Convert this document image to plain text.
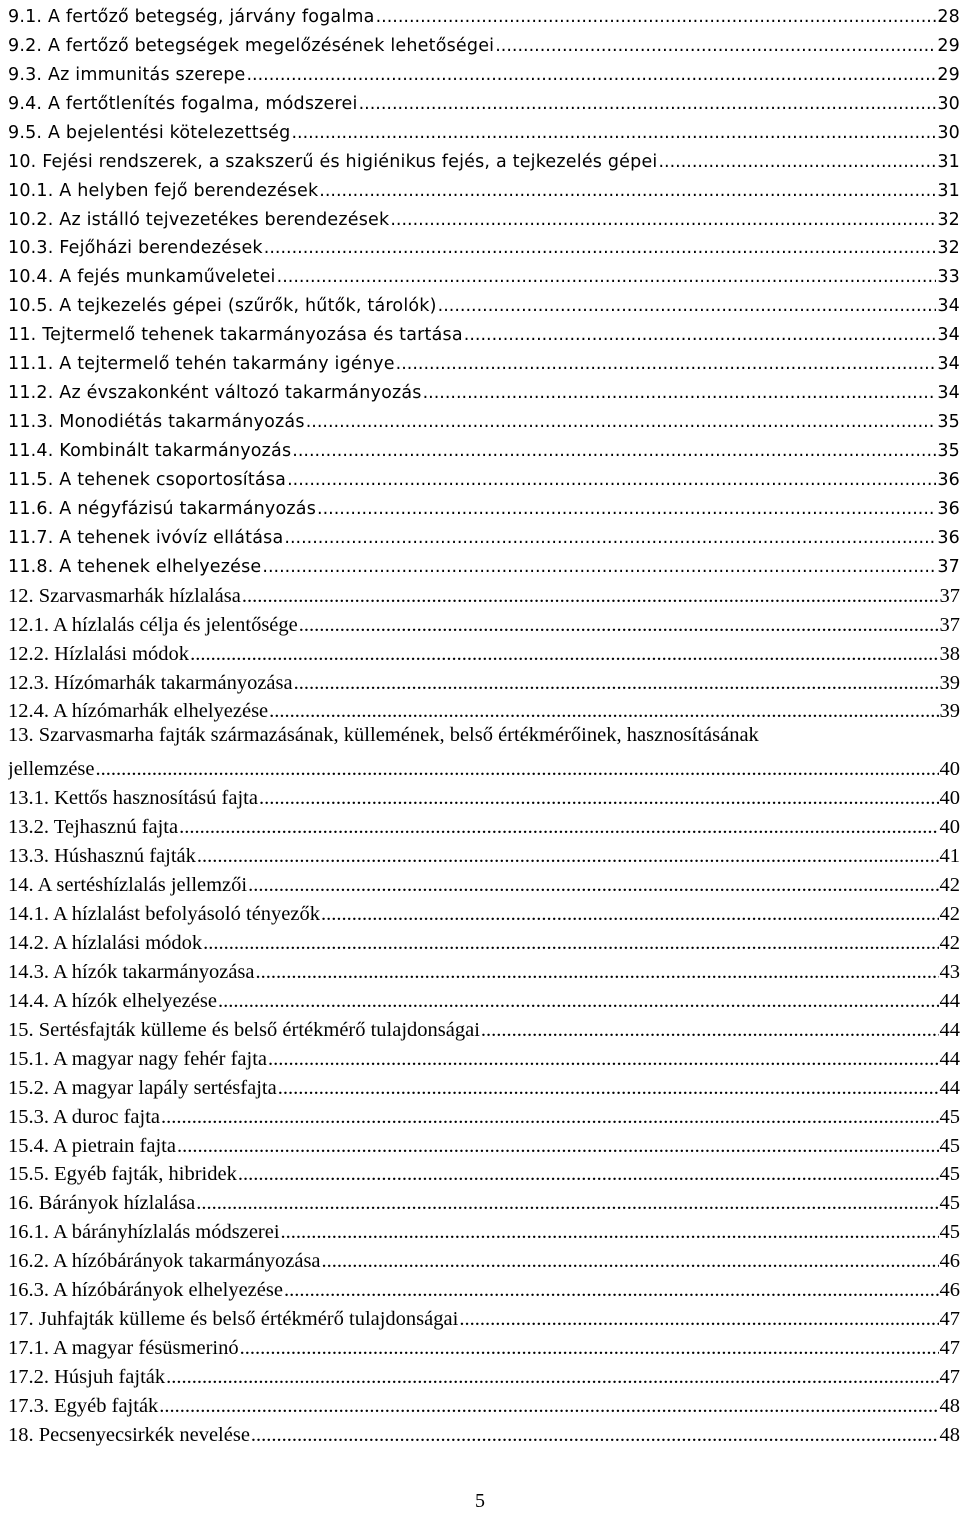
9.1. A fertőző betegség, járvány fogalma .....	28
9.2. A fertőző betegségek megelőzésének lehetőségei .....	29
9.3. Az immunitás szerepe .....	29
9.4. A fertőtlenítés fogalma, módszerei .....	30
9.5. A bejelentési kötelezettség .....	30
10. Fejési rendszerek, a szakszerű és higiénikus fejés, a tejkezelés gépei .....	31
10.1. A helyben fejő berendezések .....	31
10.2. Az istálló tejvezetékes berendezések .....	32
10.3. Fejőházi berendezések .....	32
10.4. A fejés munkaműveletei .....	33
10.5. A tejkezelés gépei (szűrők, hűtők, tárolók) .....	34
11. Tejtermelő tehenek takarmányozása és tartása .....	34
11.1. A tejtermelő tehén takarmány igénye .....	34
11.2. Az évszakonként változó takarmányozás .....	34
11.3. Monodiétás takarmányozás .....	35
11.4. Kombinált takarmányozás .....	35
11.5. A tehenek csoportosítása .....	36
11.6. A négyfázisú takarmányozás .....	36
11.7. A tehenek ivóvíz ellátása .....	36
11.8. A tehenek elhelyezése .....	37
12. Szarvasmarhák hízlalása .....	37
12.1. A hízlalás célja és jelentősége .....	37
12.2. Hízlalási módok .....	38
12.3. Hízómarhák takarmányozása .....	39
12.4. A hízómarhák elhelyezése .....	39
13. Szarvasmarha fajták származásának, küllemének, belső értékmérőinek, hasznosításának
jellemzése .....	40
13.1. Kettős hasznosítású fajta .....	40
13.2. Tejhasznú fajta .....	40
13.3. Húshasznú fajták .....	41
14. A sertéshízlalás jellemzői .....	42
14.1. A hízlalást befolyásoló tényezők .....	42
14.2. A hízlalási módok .....	42
14.3. A hízók takarmányozása .....	43
14.4. A hízók elhelyezése .....	44
15. Sertésfajták külleme és belső értékmérő tulajdonságai .....	44
15.1. A magyar nagy fehér fajta .....	44
15.2. A magyar lapály sertésfajta .....	44
15.3. A duroc fajta .....	45
15.4. A pietrain fajta .....	45
15.5. Egyéb fajták, hibridek .....	45
16. Bárányok hízlalása .....	45
16.1. A bárányhízlalás módszerei .....	45
16.2. A hízóbárányok takarmányozása .....	46
16.3. A hízóbárányok elhelyezése .....	46
17. Juhfajták külleme és belső értékmérő tulajdonságai .....	47
17.1. A magyar fésüsmerinó .....	47
17.2. Húsjuh fajták .....	47
17.3. Egyéb fajták .....	48
18. Pecsenyecsirkék nevelése .....	48
5
